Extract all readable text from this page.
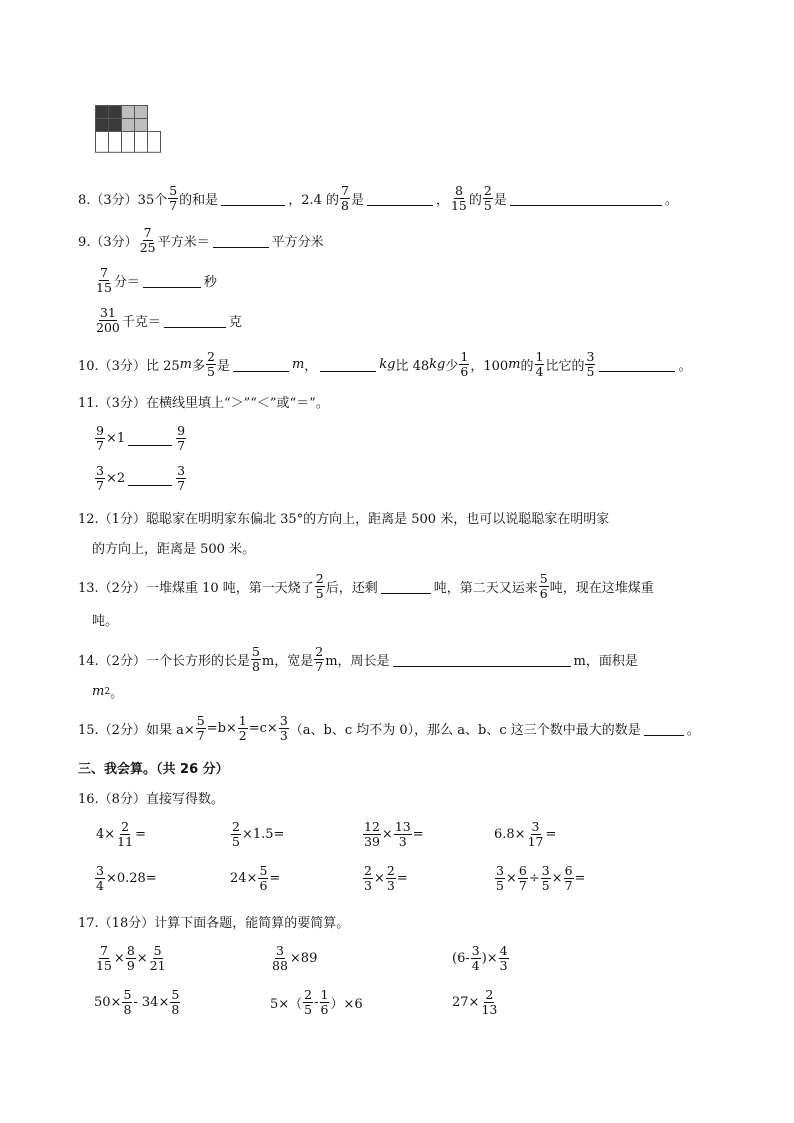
8.（3分）35个 $\frac{5}{7}$ 的和是	，2.4 的 $\frac{7}{8}$ 是	， $\frac{8}{15}$ 的 $\frac{2}{5}$ 是	。
9.（3分） $\frac{7}{25}$ 平方米＝	平方分米
$\frac{7}{15}$ 分＝	秒
$\frac{31}{200}$ 千克＝	克
10.（3分）比 25 m 多 $\frac{2}{5}$ 是	m ，	kg 比 48 kg 少 $\frac{1}{6}$ ，100 m 的 $\frac{1}{4}$ 比它的 $\frac{3}{5}$	。
11.（3分）在横线里填上“＞”“＜”或“＝”。
$\frac{9}{7} \times 1$	$\frac{9}{7}$
$\frac{3}{7} \times 2$	$\frac{3}{7}$
12.（1分）聪聪家在明明家东偏北 35°的方向上，距离是 500 米，也可以说聪聪家在明明家
的方向上，距离是 500 米。
13.（2分）一堆煤重 10 吨，第一天烧了 $\frac{2}{5}$ 后，还剩	吨，第二天又运来 $\frac{5}{6}$ 吨，现在这堆煤重
吨。
14.（2分）一个长方形的长是 $\frac{5}{8}$ m，宽是 $\frac{2}{7}$ m，周长是	m，面积是
m 2 。
15.（2分）如果 $a\times \frac{5}{7} =b\times \frac{1}{2} =c\times \frac{3}{3} (a$、b、c 均不为 0），那么 a、b、c 这三个数中最大的数是	。
三、我会算。（共 26 分）
16.（8分）直接写得数。
$4\times \frac{2}{11}$ =	$\frac{2}{5} \times 1.5=$	$\frac{12}{39} \times \frac{13}{3}$ =	$6.8\times \frac{3}{17}$ =
$\frac{3}{4} \times 0.28=$	$24\times \frac{5}{6}$ =	$\frac{2}{3} \times \frac{2}{3}$ =	$\frac{3}{5} \times \frac{6}{7} \div \frac{3}{5} \times \frac{6}{7}$ =
17.（18分）计算下面各题，能简算的要简算。
$\frac{7}{15} \times \frac{8}{9} \times \frac{5}{21}$	$\frac{3}{88} \times 89$	($6- \frac{3}{4}$ )× $\frac{4}{3}$
$50\times \frac{5}{8} - 34\times \frac{5}{8}$	$5\times( \frac{2}{5} - \frac{1}{6} )\times 6$	$27\times \frac{2}{13}$
